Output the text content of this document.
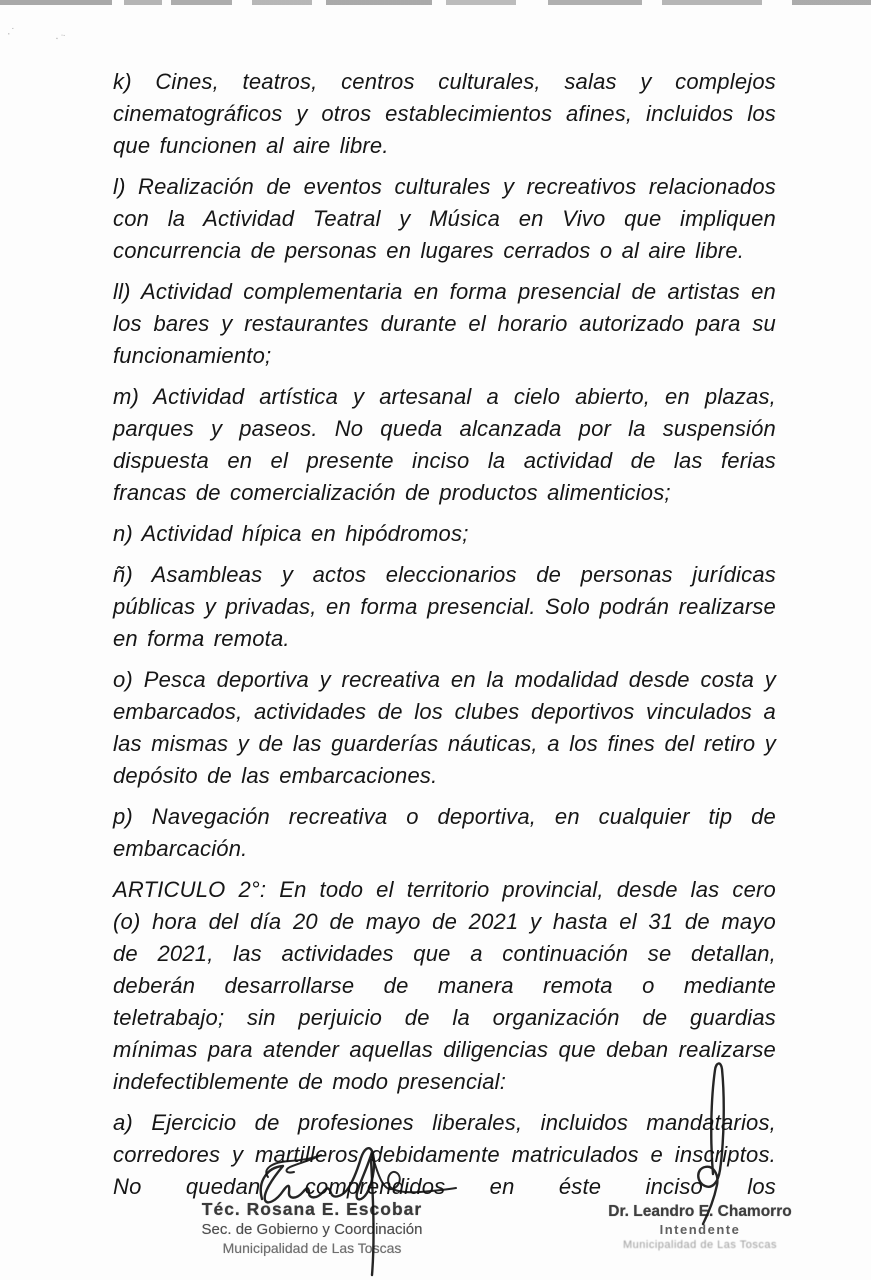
·˙	·¨

k) Cines, teatros, centros culturales, salas y complejos cinematográficos y otros establecimientos afines, incluidos los que funcionen al aire libre.

l) Realización de eventos culturales y recreativos relacionados con la Actividad Teatral y Música en Vivo que impliquen concurrencia de personas en lugares cerrados o al aire libre.

ll) Actividad complementaria en forma presencial de artistas en los bares y restaurantes durante el horario autorizado para su funcionamiento;

m) Actividad artística y artesanal a cielo abierto, en plazas, parques y paseos. No queda alcanzada por la suspensión dispuesta en el presente inciso la actividad de las ferias francas de comercialización de productos alimenticios;

n) Actividad hípica en hipódromos;

ñ) Asambleas y actos eleccionarios de personas jurídicas públicas y privadas, en forma presencial. Solo podrán realizarse en forma remota.

o) Pesca deportiva y recreativa en la modalidad desde costa y embarcados, actividades de los clubes deportivos vinculados a las mismas y de las guarderías náuticas, a los fines del retiro y depósito de las embarcaciones.

p) Navegación recreativa o deportiva, en cualquier tip de embarcación.

ARTICULO 2°: En todo el territorio provincial, desde las cero (o) hora del día 20 de mayo de 2021 y hasta el 31 de mayo de 2021, las actividades que a continuación se detallan, deberán desarrollarse de manera remota o mediante teletrabajo; sin perjuicio de la organización de guardias mínimas para atender aquellas diligencias que deban realizarse indefectiblemente de modo presencial:

a) Ejercicio de profesiones liberales, incluidos mandatarios, corredores y martilleros debidamente matriculados e inscriptos. No quedan comprendidos en éste inciso los

Téc. Rosana E. Escobar
Sec. de Gobierno y Coordinación
Municipalidad de Las Toscas
Dr. Leandro E. Chamorro
Intendente
Municipalidad de Las Toscas
